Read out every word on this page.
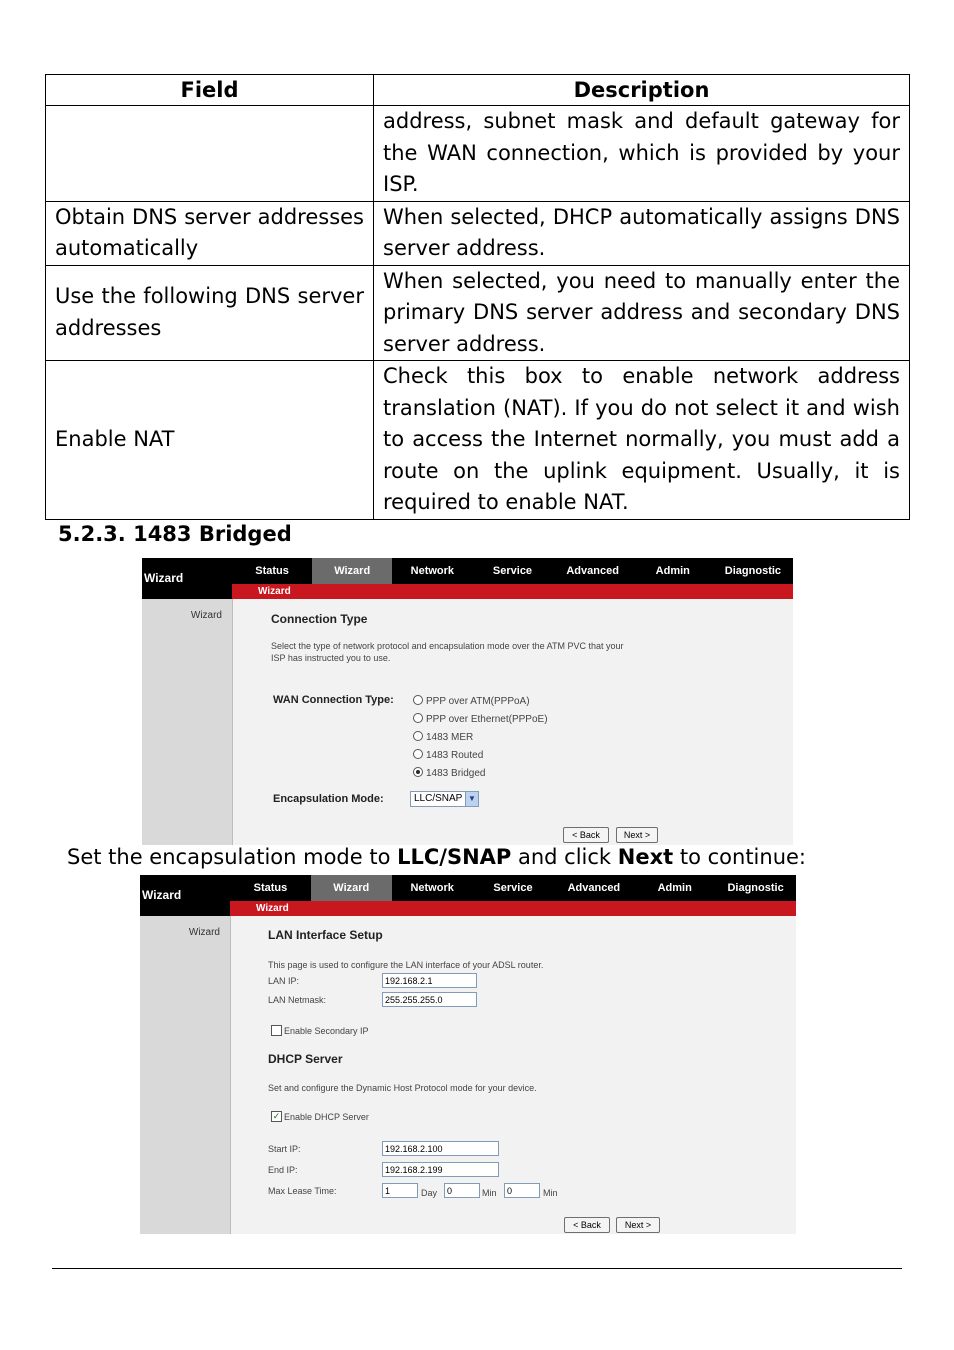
Field	Description
	address, subnet mask and default gateway for the WAN connection, which is provided by your ISP.
Obtain DNS server addresses automatically	When selected, DHCP automatically assigns DNS server address.
Use the following DNS server addresses	When selected, you need to manually enter the primary DNS server address and secondary DNS server address.
Enable NAT	Check this box to enable network address translation (NAT). If you do not select it and wish to access the Internet normally, you must add a route on the uplink equipment. Usually, it is required to enable NAT.
5.2.3. 1483 Bridged
Wizard	Status	Wizard	Network	Service	Advanced	Admin	Diagnostic
Wizard
Wizard	Connection Type
Select the type of network protocol and encapsulation mode over the ATM PVC that your
ISP has instructed you to use.
WAN Connection Type:	PPP over ATM(PPPoA)
PPP over Ethernet(PPPoE)
1483 MER
1483 Routed
1483 Bridged
Encapsulation Mode:	LLC/SNAP ▼
< Back	Next >
Set the encapsulation mode to LLC/SNAP and click Next to continue:
Wizard	Status	Wizard	Network	Service	Advanced	Admin	Diagnostic
Wizard
Wizard	LAN Interface Setup
This page is used to configure the LAN interface of your ADSL router.
LAN IP:	192.168.2.1
LAN Netmask:	255.255.255.0
Enable Secondary IP
DHCP Server
Set and configure the Dynamic Host Protocol mode for your device.
✓ Enable DHCP Server
Start IP:	192.168.2.100
End IP:	192.168.2.199
Max Lease Time:	1	Day	0	Min	0	Min
< Back	Next >
